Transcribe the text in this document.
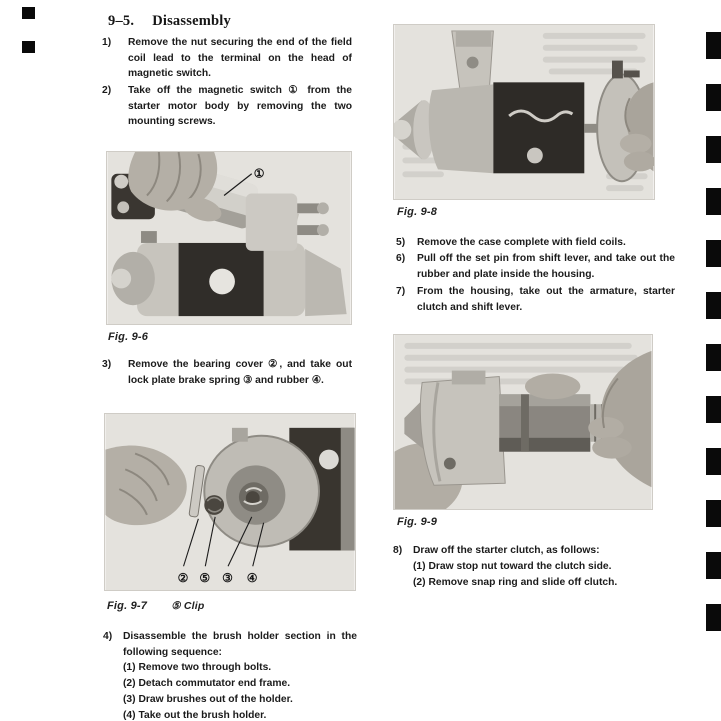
9–5. Disassembly
1) Remove the nut securing the end of the field coil lead to the terminal on the head of magnetic switch.
2) Take off the magnetic switch ① from the starter motor body by removing the two mounting screws.
①
Fig. 9-6
3) Remove the bearing cover ②, and take out lock plate brake spring ③ and rubber ④.
② ⑤ ③ ④
Fig. 9-7 ⑤ Clip
4) Disassemble the brush holder section in the following sequence:
(1) Remove two through bolts.
(2) Detach commutator end frame.
(3) Draw brushes out of the holder.
(4) Take out the brush holder.
Fig. 9-8
5) Remove the case complete with field coils.
6) Pull off the set pin from shift lever, and take out the rubber and plate inside the housing.
7) From the housing, take out the armature, starter clutch and shift lever.
Fig. 9-9
8) Draw off the starter clutch, as follows:
(1) Draw stop nut toward the clutch side.
(2) Remove snap ring and slide off clutch.
